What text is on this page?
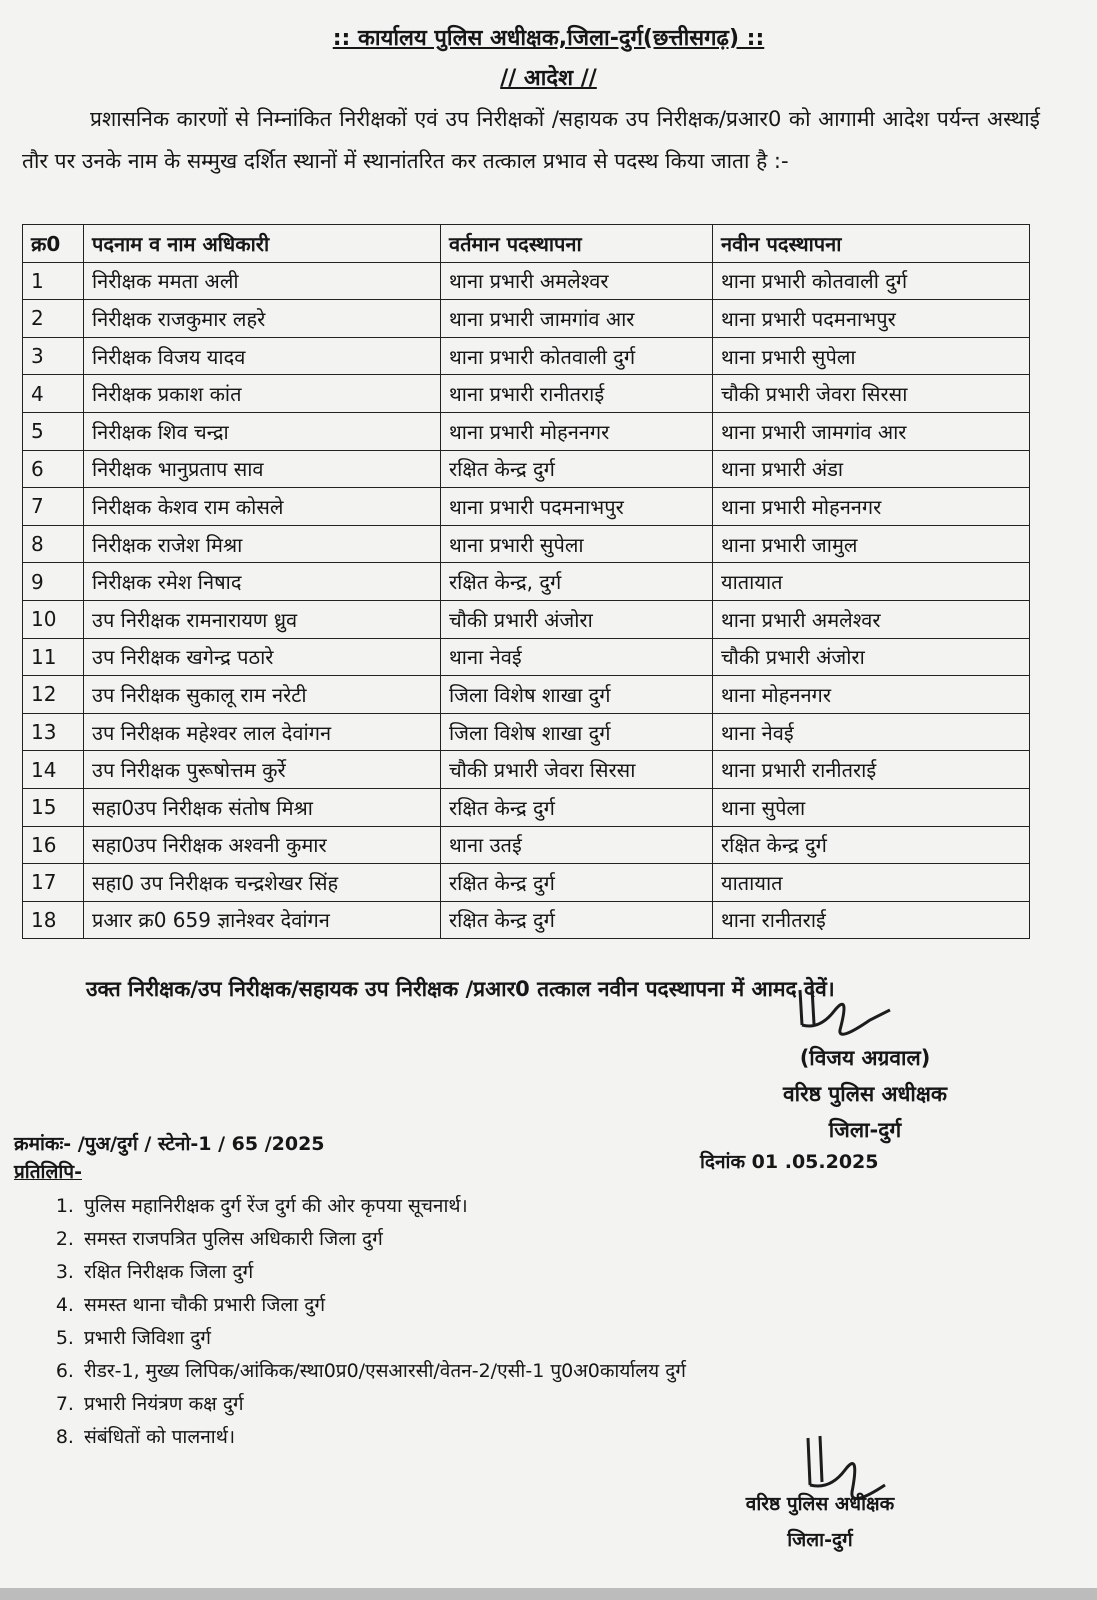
:: कार्यालय पुलिस अधीक्षक,जिला-दुर्ग(छत्तीसगढ़) ::
// आदेश //
प्रशासनिक कारणों से निम्नांकित निरीक्षकों एवं उप निरीक्षकों /सहायक उप निरीक्षक/प्रआर0 को आगामी आदेश पर्यन्त अस्थाई तौर पर उनके नाम के सम्मुख दर्शित स्थानों में स्थानांतरित कर तत्काल प्रभाव से पदस्थ किया जाता है :-
क्र0	पदनाम व नाम अधिकारी	वर्तमान पदस्थापना	नवीन पदस्थापना
1	निरीक्षक ममता अली	थाना प्रभारी अमलेश्वर	थाना प्रभारी कोतवाली दुर्ग
2	निरीक्षक राजकुमार लहरे	थाना प्रभारी जामगांव आर	थाना प्रभारी पदमनाभपुर
3	निरीक्षक विजय यादव	थाना प्रभारी कोतवाली दुर्ग	थाना प्रभारी सुपेला
4	निरीक्षक प्रकाश कांत	थाना प्रभारी रानीतराई	चौकी प्रभारी जेवरा सिरसा
5	निरीक्षक शिव चन्द्रा	थाना प्रभारी मोहननगर	थाना प्रभारी जामगांव आर
6	निरीक्षक भानुप्रताप साव	रक्षित केन्द्र दुर्ग	थाना प्रभारी अंडा
7	निरीक्षक केशव राम कोसले	थाना प्रभारी पदमनाभपुर	थाना प्रभारी मोहननगर
8	निरीक्षक राजेश मिश्रा	थाना प्रभारी सुपेला	थाना प्रभारी जामुल
9	निरीक्षक रमेश निषाद	रक्षित केन्द्र, दुर्ग	यातायात
10	उप निरीक्षक रामनारायण ध्रुव	चौकी प्रभारी अंजोरा	थाना प्रभारी अमलेश्वर
11	उप निरीक्षक खगेन्द्र पठारे	थाना नेवई	चौकी प्रभारी अंजोरा
12	उप निरीक्षक सुकालू राम नरेटी	जिला विशेष शाखा दुर्ग	थाना मोहननगर
13	उप निरीक्षक महेश्वर लाल देवांगन	जिला विशेष शाखा दुर्ग	थाना नेवई
14	उप निरीक्षक पुरूषोत्तम कुर्रे	चौकी प्रभारी जेवरा सिरसा	थाना प्रभारी रानीतराई
15	सहा0उप निरीक्षक संतोष मिश्रा	रक्षित केन्द्र दुर्ग	थाना सुपेला
16	सहा0उप निरीक्षक अश्वनी कुमार	थाना उतई	रक्षित केन्द्र दुर्ग
17	सहा0 उप निरीक्षक चन्द्रशेखर सिंह	रक्षित केन्द्र दुर्ग	यातायात
18	प्रआर क्र0 659 ज्ञानेश्वर देवांगन	रक्षित केन्द्र दुर्ग	थाना रानीतराई
उक्त निरीक्षक/उप निरीक्षक/सहायक उप निरीक्षक /प्रआर0 तत्काल नवीन पदस्थापना में आमद देवें।
(विजय अग्रवाल)
वरिष्ठ पुलिस अधीक्षक
जिला-दुर्ग
क्रमांकः- /पुअ/दुर्ग / स्टेनो-1 / 65 /2025
दिनांक 01 .05.2025
प्रतिलिपि-
1. पुलिस महानिरीक्षक दुर्ग रेंज दुर्ग की ओर कृपया सूचनार्थ।
2. समस्त राजपत्रित पुलिस अधिकारी जिला दुर्ग
3. रक्षित निरीक्षक जिला दुर्ग
4. समस्त थाना चौकी प्रभारी जिला दुर्ग
5. प्रभारी जिविशा दुर्ग
6. रीडर-1, मुख्य लिपिक/आंकिक/स्था0प्र0/एसआरसी/वेतन-2/एसी-1 पु0अ0कार्यालय दुर्ग
7. प्रभारी नियंत्रण कक्ष दुर्ग
8. संबंधितों को पालनार्थ।
वरिष्ठ पुलिस अधीक्षक
जिला-दुर्ग
